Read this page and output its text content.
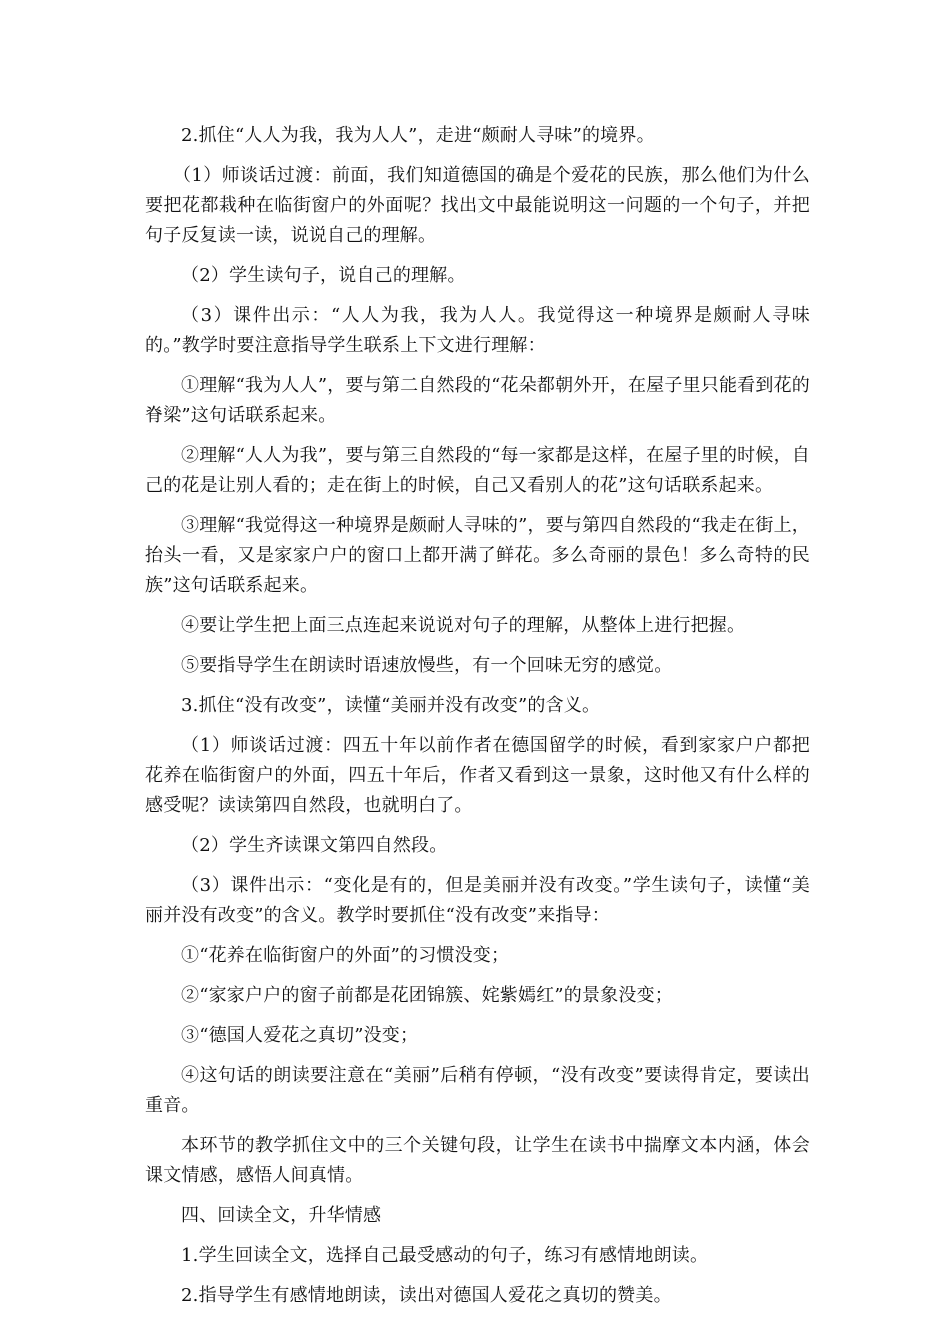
2.抓住“人人为我，我为人人”，走进“颇耐人寻味”的境界。

（1）师谈话过渡：前面，我们知道德国的确是个爱花的民族，那么他们为什么要把花都栽种在临街窗户的外面呢？找出文中最能说明这一问题的一个句子，并把句子反复读一读，说说自己的理解。

（2）学生读句子，说自己的理解。

（3）课件出示：“人人为我，我为人人。我觉得这一种境界是颇耐人寻味的。”教学时要注意指导学生联系上下文进行理解：

①理解“我为人人”，要与第二自然段的“花朵都朝外开，在屋子里只能看到花的脊梁”这句话联系起来。

②理解“人人为我”，要与第三自然段的“每一家都是这样，在屋子里的时候，自己的花是让别人看的；走在街上的时候，自己又看别人的花”这句话联系起来。

③理解“我觉得这一种境界是颇耐人寻味的”，要与第四自然段的“我走在街上，抬头一看，又是家家户户的窗口上都开满了鲜花。多么奇丽的景色！多么奇特的民族”这句话联系起来。

④要让学生把上面三点连起来说说对句子的理解，从整体上进行把握。

⑤要指导学生在朗读时语速放慢些，有一个回味无穷的感觉。

3.抓住“没有改变”，读懂“美丽并没有改变”的含义。

（1）师谈话过渡：四五十年以前作者在德国留学的时候，看到家家户户都把花养在临街窗户的外面，四五十年后，作者又看到这一景象，这时他又有什么样的感受呢？读读第四自然段，也就明白了。

（2）学生齐读课文第四自然段。

（3）课件出示：“变化是有的，但是美丽并没有改变。”学生读句子，读懂“美丽并没有改变”的含义。教学时要抓住“没有改变”来指导：

①“花养在临街窗户的外面”的习惯没变；

②“家家户户的窗子前都是花团锦簇、姹紫嫣红”的景象没变；

③“德国人爱花之真切”没变；

④这句话的朗读要注意在“美丽”后稍有停顿，“没有改变”要读得肯定，要读出重音。

本环节的教学抓住文中的三个关键句段，让学生在读书中揣摩文本内涵，体会课文情感，感悟人间真情。

四、回读全文，升华情感

1.学生回读全文，选择自己最受感动的句子，练习有感情地朗读。

2.指导学生有感情地朗读，读出对德国人爱花之真切的赞美。
